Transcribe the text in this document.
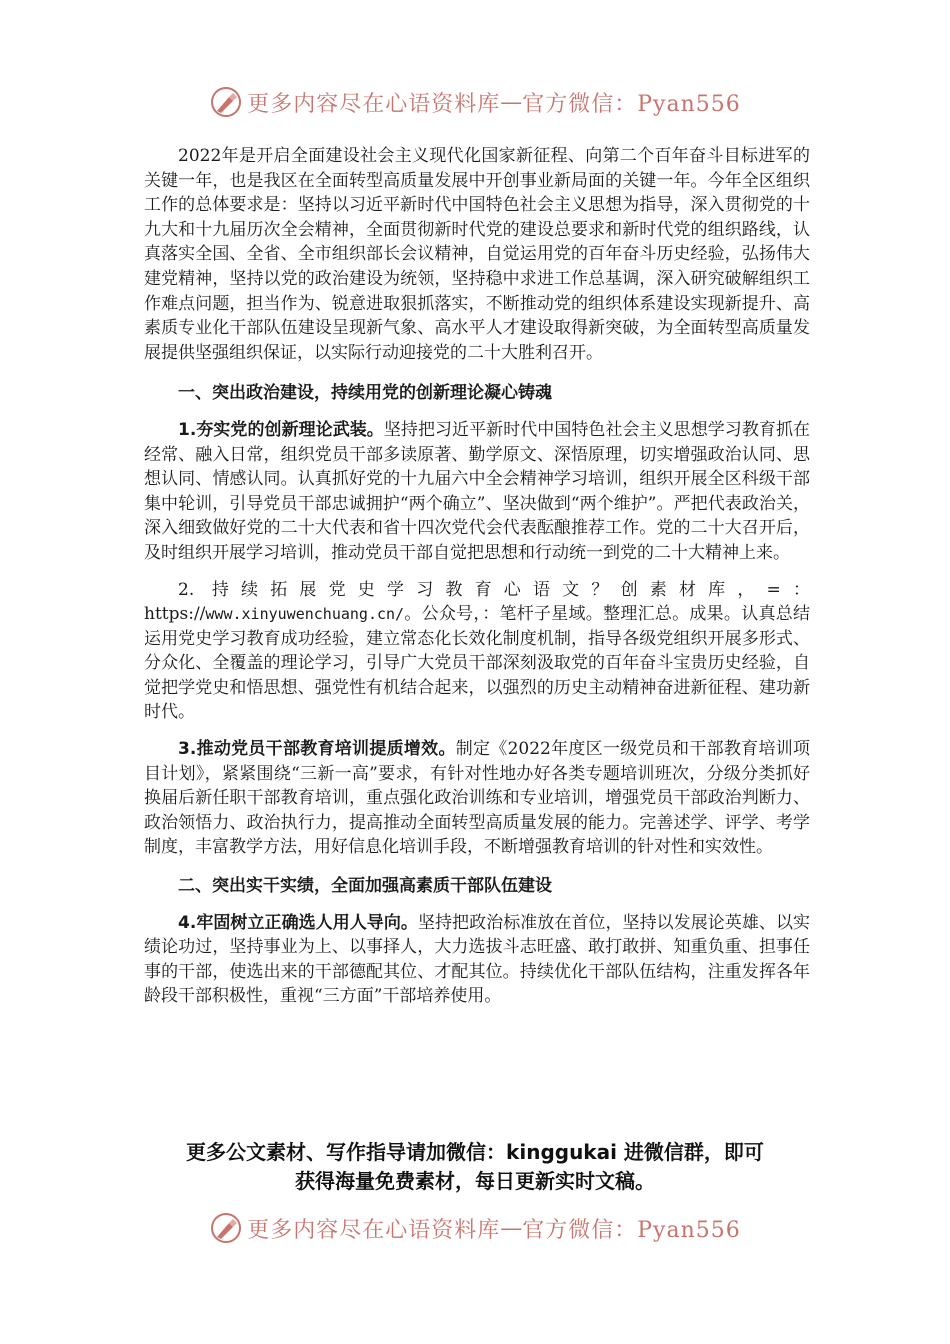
更多内容尽在心语资料库 — 官方微信：Pyan556

2022年是开启全面建设社会主义现代化国家新征程、向第二个百年奋斗目标进军的关键一年，也是我区在全面转型高质量发展中开创事业新局面的关键一年。今年全区组织工作的总体要求是：坚持以习近平新时代中国特色社会主义思想为指导，深入贯彻党的十九大和十九届历次全会精神，全面贯彻新时代党的建设总要求和新时代党的组织路线，认真落实全国、全省、全市组织部长会议精神，自觉运用党的百年奋斗历史经验，弘扬伟大建党精神，坚持以党的政治建设为统领，坚持稳中求进工作总基调，深入研究破解组织工作难点问题，担当作为、锐意进取狠抓落实，不断推动党的组织体系建设实现新提升、高素质专业化干部队伍建设呈现新气象、高水平人才建设取得新突破，为全面转型高质量发展提供坚强组织保证，以实际行动迎接党的二十大胜利召开。

一、突出政治建设，持续用党的创新理论凝心铸魂

1.夯实党的创新理论武装。坚持把习近平新时代中国特色社会主义思想学习教育抓在经常、融入日常，组织党员干部多读原著、勤学原文、深悟原理，切实增强政治认同、思想认同、情感认同。认真抓好党的十九届六中全会精神学习培训，组织开展全区科级干部集中轮训，引导党员干部忠诚拥护“两个确立”、坚决做到“两个维护”。严把代表政治关，深入细致做好党的二十大代表和省十四次党代会代表酝酿推荐工作。党的二十大召开后，及时组织开展学习培训，推动党员干部自觉把思想和行动统一到党的二十大精神上来。

2. 持续拓展党史学习教育心语文？创素材库，=： https://www.xinyuwenchuang.cn/。公众号，：笔杆子星域。整理汇总。成果。认真总结运用党史学习教育成功经验，建立常态化长效化制度机制，指导各级党组织开展多形式、分众化、全覆盖的理论学习，引导广大党员干部深刻汲取党的百年奋斗宝贵历史经验，自觉把学党史和悟思想、强党性有机结合起来，以强烈的历史主动精神奋进新征程、建功新时代。

3.推动党员干部教育培训提质增效。制定《2022年度区一级党员和干部教育培训项目计划》，紧紧围绕“三新一高”要求，有针对性地办好各类专题培训班次，分级分类抓好换届后新任职干部教育培训，重点强化政治训练和专业培训，增强党员干部政治判断力、政治领悟力、政治执行力，提高推动全面转型高质量发展的能力。完善述学、评学、考学制度，丰富教学方法，用好信息化培训手段，不断增强教育培训的针对性和实效性。

二、突出实干实绩，全面加强高素质干部队伍建设

4.牢固树立正确选人用人导向。坚持把政治标准放在首位，坚持以发展论英雄、以实绩论功过，坚持事业为上、以事择人，大力选拔斗志旺盛、敢打敢拼、知重负重、担事任事的干部，使选出来的干部德配其位、才配其位。持续优化干部队伍结构，注重发挥各年龄段干部积极性，重视“三方面”干部培养使用。

更多公文素材、写作指导请加微信：kinggukai 进微信群，即可
获得海量免费素材，每日更新实时文稿。
更多内容尽在心语资料库 — 官方微信：Pyan556
